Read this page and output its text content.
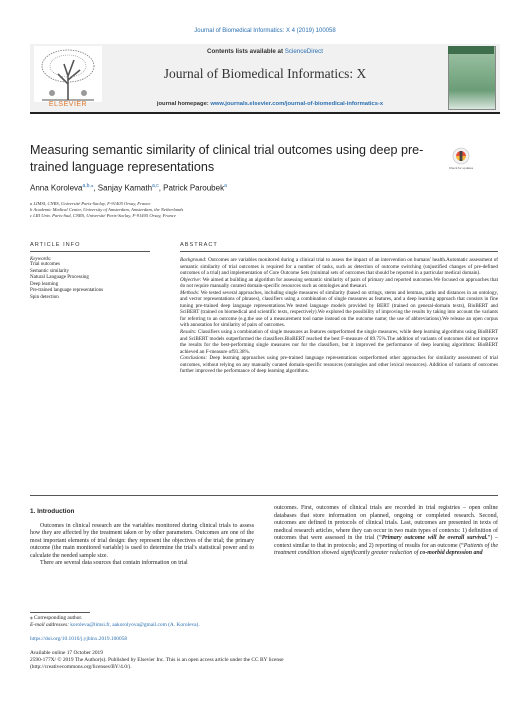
Journal of Biomedical Informatics: X 4 (2019) 100058
ELSEVIER
Contents lists available at ScienceDirect
Journal of Biomedical Informatics: X
journal homepage: www.journals.elsevier.com/journal-of-biomedical-informatics-x
Measuring semantic similarity of clinical trial outcomes using deep pre-
trained language representations	Check for updates
Anna Koroleva$^{a,b,⁎}$, Sanjay Kamath$^{a,c}$, Patrick Paroubek$^a$
a LIMSI, CNRS, Université Paris-Saclay, F-91405 Orsay, France
b Academic Medical Center, University of Amsterdam, Amsterdam, the Netherlands
c LRI Univ. Paris-Sud, CNRS, Université Paris-Saclay, F-91405 Orsay, France
ARTICLE INFO	ABSTRACT
Keywords:
Trial outcomes
Semantic similarity
Natural Language Processing
Deep learning
Pre-trained language representations
Spin detection

Background: Outcomes are variables monitored during a clinical trial to assess the impact of an intervention on humans' health.Automatic assessment of semantic similarity of trial outcomes is required for a number of tasks, such as detection of outcome switching (unjustified changes of pre-defined outcomes of a trial) and implementation of Core Outcome Sets (minimal sets of outcomes that should be reported in a particular medical domain).

Objective: We aimed at building an algorithm for assessing semantic similarity of pairs of primary and reported outcomes.We focused on approaches that do not require manually curated domain-specific resources such as ontologies and thesauri.

Methods: We tested several approaches, including single measures of similarity (based on strings, stems and lemmas, paths and distances in an ontology, and vector representations of phrases), classifiers using a combination of single measures as features, and a deep learning approach that consists in fine tuning pre-trained deep language representations.We tested language models provided by BERT (trained on general-domain texts), BioBERT and SciBERT (trained on biomedical and scientific texts, respectively).We explored the possibility of improving the results by taking into account the variants for referring to an outcome (e.g.the use of a measurement tool name instead on the outcome name; the use of abbreviations).We release an open corpus with annotation for similarity of pairs of outcomes.

Results: Classifiers using a combination of single measures as features outperformed the single measures, while deep learning algorithms using BioBERT and SciBERT models outperformed the classifiers.BioBERT reached the best F-measure of 89.75%.The addition of variants of outcomes did not improve the results for the best-performing single measures nor for the classifiers, but it improved the performance of deep learning algorithms: BioBERT achieved an F-measure of93.38%.

Conclusions: Deep learning approaches using pre-trained language representations outperformed other approaches for similarity assessment of trial outcomes, without relying on any manually curated domain-specific resources (ontologies and other lexical resources). Addition of variants of outcomes further improved the performance of deep learning algorithms.

1. Introduction

Outcomes in clinical research are the variables monitored during clinical trials to assess how they are affected by the treatment taken or by other parameters. Outcomes are one of the most important elements of trial design: they represent the objectives of the trial; the primary outcome (the main monitored variable) is used to determine the trial's statistical power and to calculate the needed sample size.

There are several data sources that contain information on trial

outcomes. First, outcomes of clinical trials are recorded in trial registries – open online databases that store information on planned, ongoing or completed research. Second, outcomes are defined in protocols of clinical trials. Last, outcomes are presented in texts of medical research articles, where they can occur in two main types of contexts: 1) definition of outcomes that were assessed in the trial (“Primary outcome will be overall survival.”) – context similar to that in protocols; and 2) reporting of results for an outcome (“Patients of the treatment condition showed significantly greater reduction of co-morbid depression and

⁎ Corresponding author.
E-mail addresses: koroleva@limsi.fr, aakorolyova@gmail.com (A. Koroleva).
https://doi.org/10.1016/j.yjbinx.2019.100058
Available online 17 October 2019
2590-177X/ © 2019 The Author(s). Published by Elsevier Inc. This is an open access article under the CC BY license
(http://creativecommons.org/licenses/BY/4.0/).
